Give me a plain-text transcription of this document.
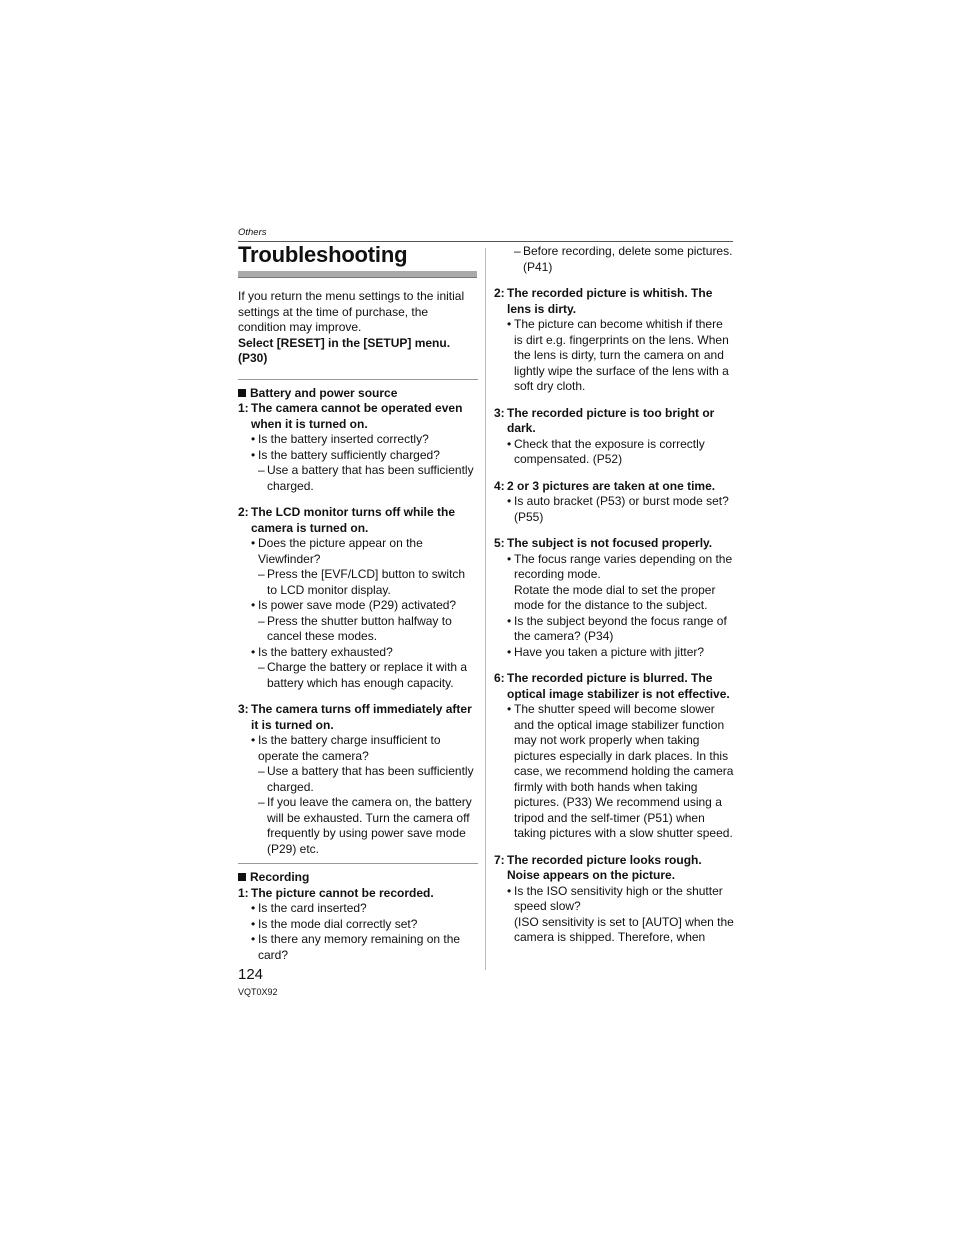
Others
Troubleshooting

If you return the menu settings to the initial settings at the time of purchase, the condition may improve.

Select [RESET] in the [SETUP] menu. (P30)

Battery and power source
1: The camera cannot be operated even when it is turned on.
• Is the battery inserted correctly?
• Is the battery sufficiently charged?
– Use a battery that has been sufficiently charged.
2: The LCD monitor turns off while the camera is turned on.
• Does the picture appear on the Viewfinder?
– Press the [EVF/LCD] button to switch to LCD monitor display.
• Is power save mode (P29) activated?
– Press the shutter button halfway to cancel these modes.
• Is the battery exhausted?
– Charge the battery or replace it with a battery which has enough capacity.
3: The camera turns off immediately after it is turned on.
• Is the battery charge insufficient to operate the camera?
– Use a battery that has been sufficiently charged.
– If you leave the camera on, the battery will be exhausted. Turn the camera off frequently by using power save mode (P29) etc.
Recording
1: The picture cannot be recorded.
• Is the card inserted?
• Is the mode dial correctly set?
• Is there any memory remaining on the card?
– Before recording, delete some pictures. (P41)
2: The recorded picture is whitish. The lens is dirty.
• The picture can become whitish if there is dirt e.g. fingerprints on the lens. When the lens is dirty, turn the camera on and lightly wipe the surface of the lens with a soft dry cloth.
3: The recorded picture is too bright or dark.
• Check that the exposure is correctly compensated. (P52)
4: 2 or 3 pictures are taken at one time.
• Is auto bracket (P53) or burst mode set? (P55)
5: The subject is not focused properly.
• The focus range varies depending on the recording mode.
Rotate the mode dial to set the proper mode for the distance to the subject.
• Is the subject beyond the focus range of the camera? (P34)
• Have you taken a picture with jitter?
6: The recorded picture is blurred. The optical image stabilizer is not effective.
• The shutter speed will become slower and the optical image stabilizer function may not work properly when taking pictures especially in dark places. In this case, we recommend holding the camera firmly with both hands when taking pictures. (P33) We recommend using a tripod and the self-timer (P51) when taking pictures with a slow shutter speed.
7: The recorded picture looks rough. Noise appears on the picture.
• Is the ISO sensitivity high or the shutter speed slow?
(ISO sensitivity is set to [AUTO] when the camera is shipped. Therefore, when
124
VQT0X92
